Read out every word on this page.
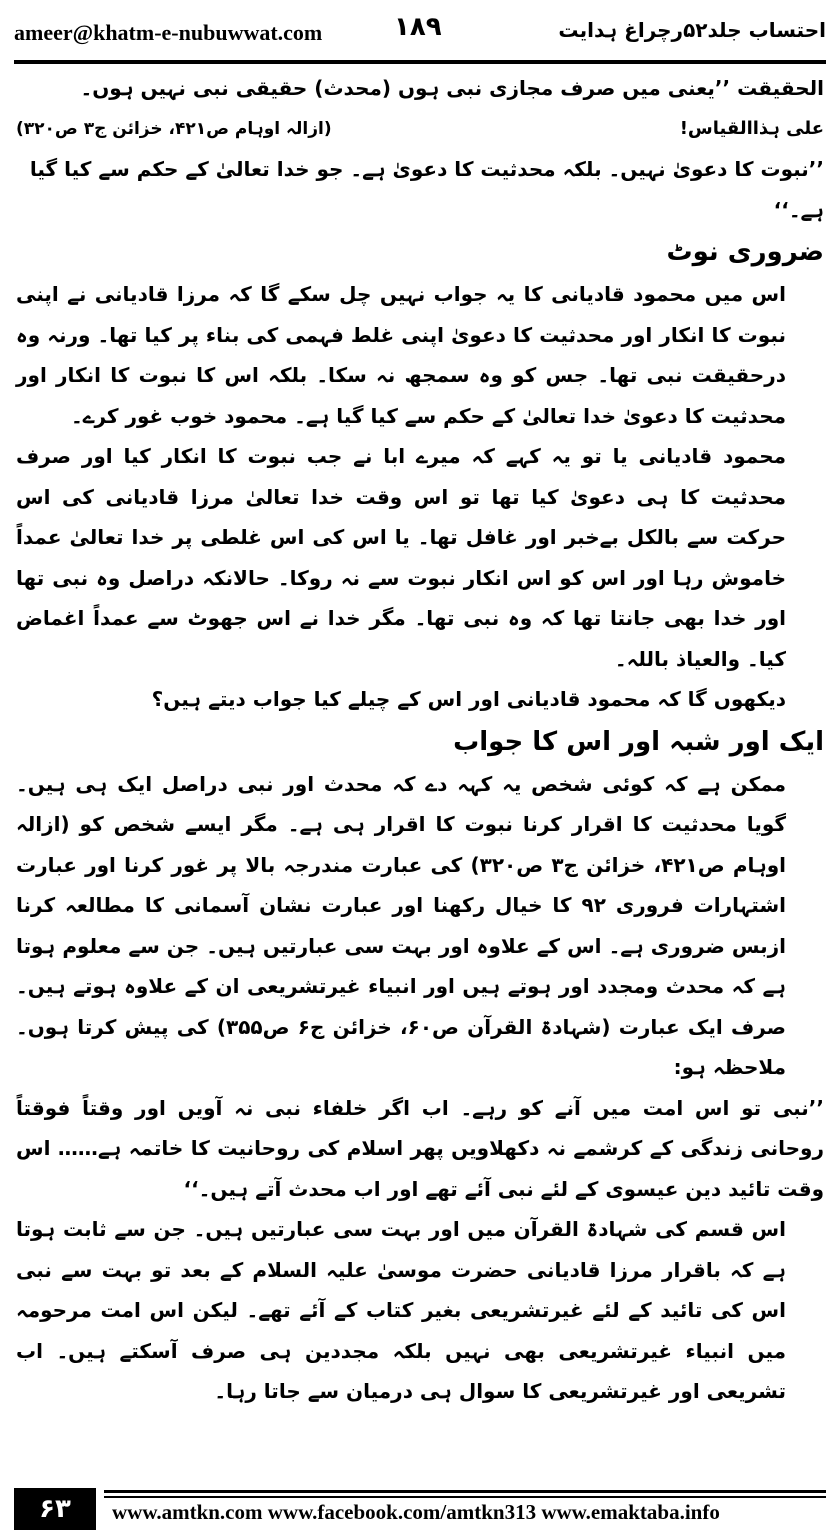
ameer@khatm-e-nubuwwat.com	۱۸۹	احتساب جلد۵۲رچراغ ہدایت

الحقیقت ’’یعنی میں صرف مجازی نبی ہوں (محدث) حقیقی نبی نہیں ہوں۔

علی ہذاالقیاس!
(ازالہ اوہام ص۴۲۱، خزائن ج۳ ص۳۲۰)

’’نبوت کا دعویٰ نہیں۔ بلکہ محدثیت کا دعویٰ ہے۔ جو خدا تعالیٰ کے حکم سے کیا گیا ہے۔‘‘

ضروری نوٹ

اس میں محمود قادیانی کا یہ جواب نہیں چل سکے گا کہ مرزا قادیانی نے اپنی نبوت کا انکار اور محدثیت کا دعویٰ اپنی غلط فہمی کی بناء پر کیا تھا۔ ورنہ وہ درحقیقت نبی تھا۔ جس کو وہ سمجھ نہ سکا۔ بلکہ اس کا نبوت کا انکار اور محدثیت کا دعویٰ خدا تعالیٰ کے حکم سے کیا گیا ہے۔ محمود خوب غور کرے۔

محمود قادیانی یا تو یہ کہے کہ میرے ابا نے جب نبوت کا انکار کیا اور صرف محدثیت کا ہی دعویٰ کیا تھا تو اس وقت خدا تعالیٰ مرزا قادیانی کی اس حرکت سے بالکل بےخبر اور غافل تھا۔ یا اس کی اس غلطی پر خدا تعالیٰ عمداً خاموش رہا اور اس کو اس انکار نبوت سے نہ روکا۔ حالانکہ دراصل وہ نبی تھا اور خدا بھی جانتا تھا کہ وہ نبی تھا۔ مگر خدا نے اس جھوٹ سے عمداً اغماض کیا۔ والعیاذ باللہ۔

دیکھوں گا کہ محمود قادیانی اور اس کے چیلے کیا جواب دیتے ہیں؟

ایک اور شبہ اور اس کا جواب

ممکن ہے کہ کوئی شخص یہ کہہ دے کہ محدث اور نبی دراصل ایک ہی ہیں۔ گویا محدثیت کا اقرار کرنا نبوت کا اقرار ہی ہے۔ مگر ایسے شخص کو (ازالہ اوہام ص۴۲۱، خزائن ج۳ ص۳۲۰) کی عبارت مندرجہ بالا پر غور کرنا اور عبارت اشتہارات فروری ۹۲ کا خیال رکھنا اور عبارت نشان آسمانی کا مطالعہ کرنا ازبس ضروری ہے۔ اس کے علاوہ اور بہت سی عبارتیں ہیں۔ جن سے معلوم ہوتا ہے کہ محدث ومجدد اور ہوتے ہیں اور انبیاء غیرتشریعی ان کے علاوہ ہوتے ہیں۔ صرف ایک عبارت (شہادۃ القرآن ص۶۰، خزائن ج۶ ص۳۵۵) کی پیش کرتا ہوں۔ ملاحظہ ہو:

’’نبی تو اس امت میں آنے کو رہے۔ اب اگر خلفاء نبی نہ آویں اور وقتاً فوقتاً روحانی زندگی کے کرشمے نہ دکھلاویں پھر اسلام کی روحانیت کا خاتمہ ہے…… اس وقت تائید دین عیسوی کے لئے نبی آئے تھے اور اب محدث آتے ہیں۔‘‘

اس قسم کی شہادۃ القرآن میں اور بہت سی عبارتیں ہیں۔ جن سے ثابت ہوتا ہے کہ باقرار مرزا قادیانی حضرت موسیٰ علیہ السلام کے بعد تو بہت سے نبی اس کی تائید کے لئے غیرتشریعی بغیر کتاب کے آئے تھے۔ لیکن اس امت مرحومہ میں انبیاء غیرتشریعی بھی نہیں بلکہ مجددین ہی صرف آسکتے ہیں۔ اب تشریعی اور غیرتشریعی کا سوال ہی درمیان سے جاتا رہا۔

۶۳	www.amtkn.com www.facebook.com/amtkn313 www.emaktaba.info
